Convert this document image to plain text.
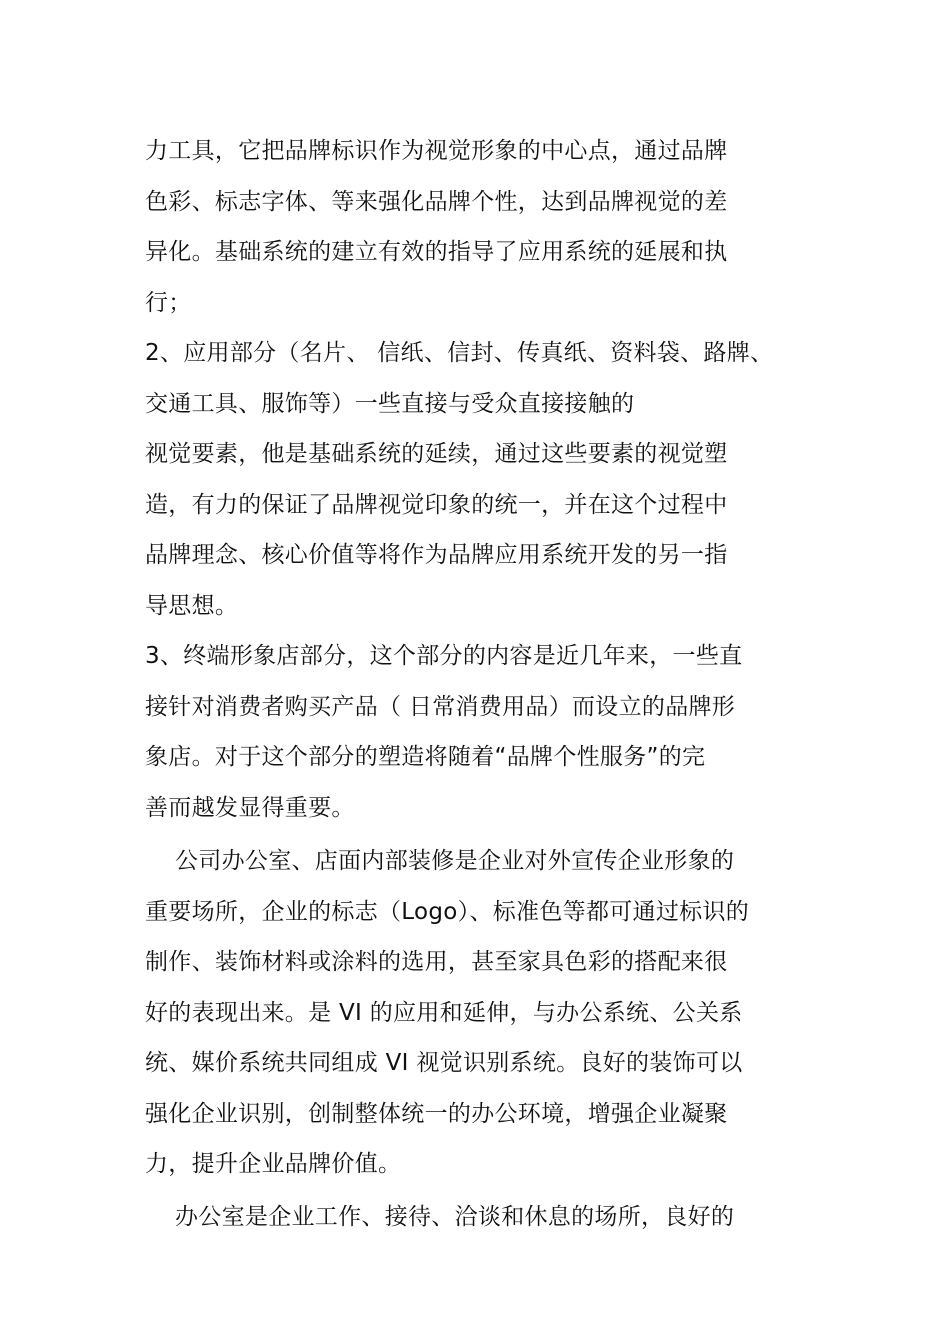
力工具，它把品牌标识作为视觉形象的中心点，通过品牌
色彩、标志字体、等来强化品牌个性，达到品牌视觉的差
异化。基础系统的建立有效的指导了应用系统的延展和执
行；
2、应用部分（名片、 信纸、信封、传真纸、资料袋、路牌、
交通工具、服饰等）一些直接与受众直接接触的
视觉要素，他是基础系统的延续，通过这些要素的视觉塑
造，有力的保证了品牌视觉印象的统一，并在这个过程中
品牌理念、核心价值等将作为品牌应用系统开发的另一指
导思想。
3、终端形象店部分，这个部分的内容是近几年来，一些直
接针对消费者购买产品（ 日常消费用品）而设立的品牌形
象店。对于这个部分的塑造将随着“品牌个性服务”的完
善而越发显得重要。
公司办公室、店面内部装修是企业对外宣传企业形象的
重要场所，企业的标志（Logo）、标准色等都可通过标识的
制作、装饰材料或涂料的选用，甚至家具色彩的搭配来很
好的表现出来。是 VI 的应用和延伸，与办公系统、公关系
统、媒价系统共同组成 VI 视觉识别系统。良好的装饰可以
强化企业识别，创制整体统一的办公环境，增强企业凝聚
力，提升企业品牌价值。
办公室是企业工作、接待、洽谈和休息的场所，良好的
